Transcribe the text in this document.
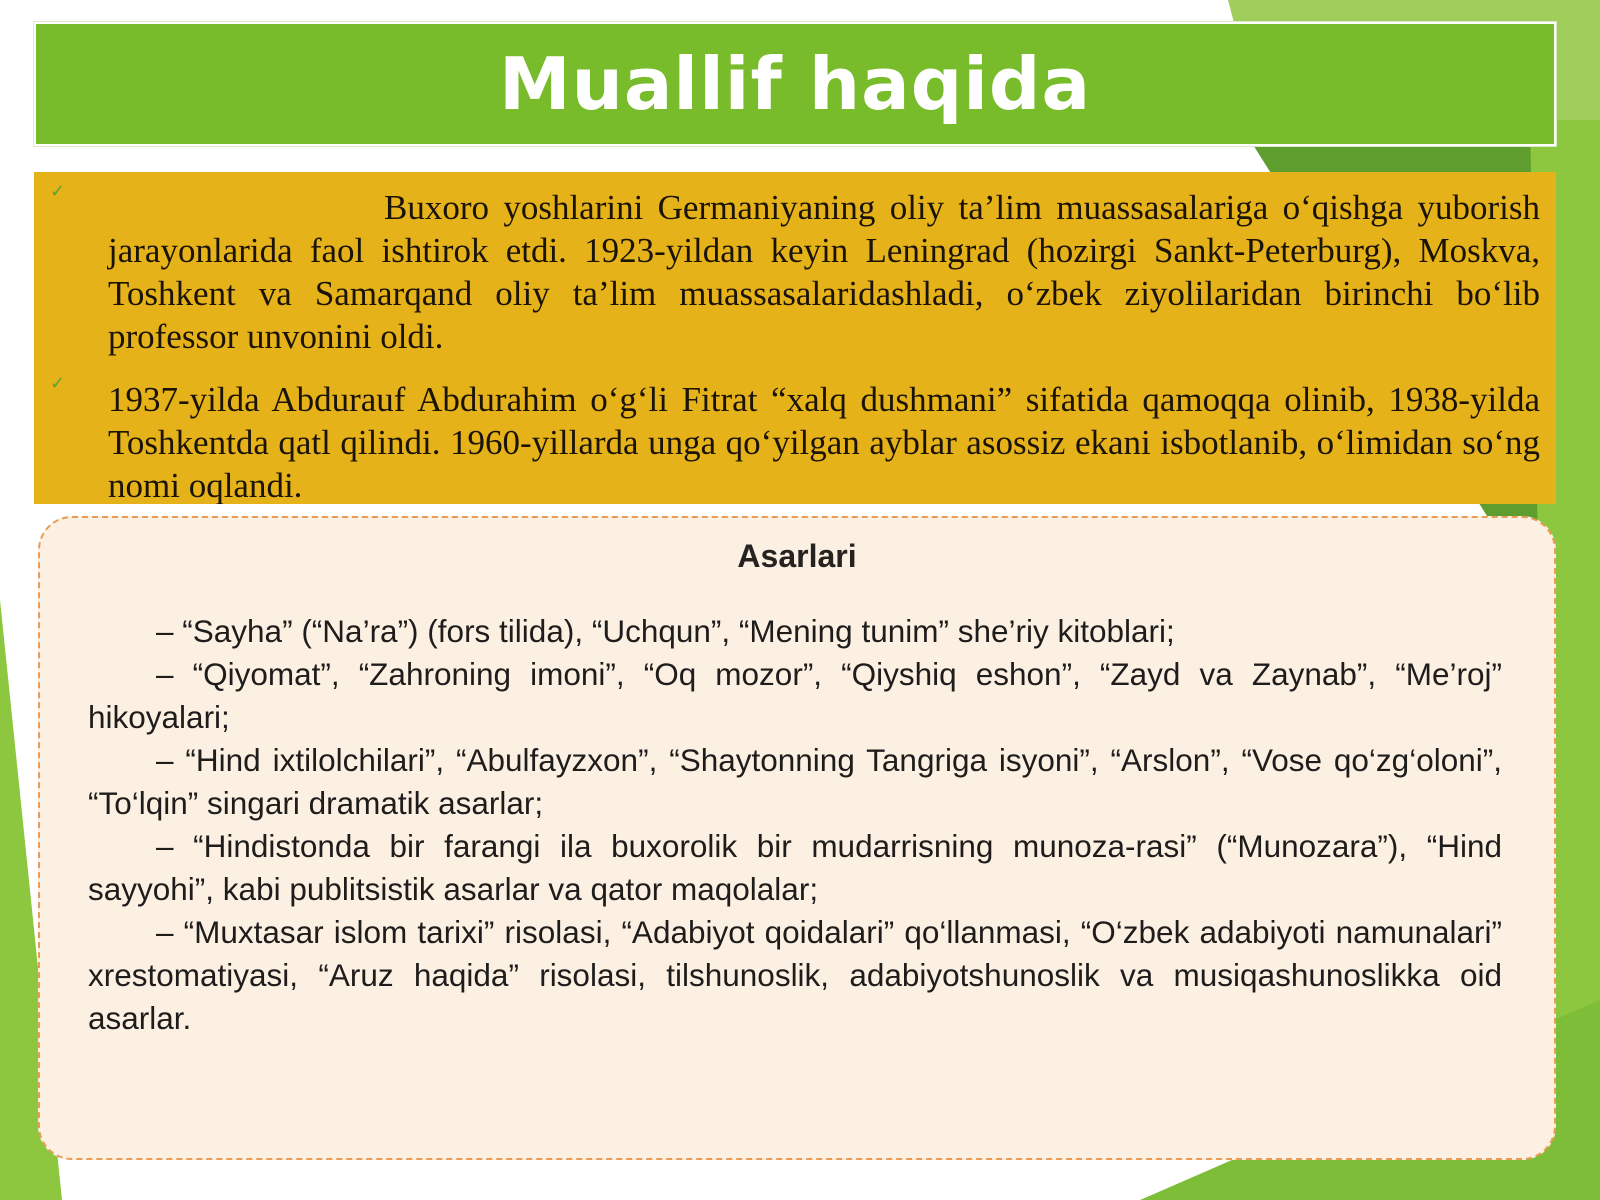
Muallif haqida
✓	Buxoro yoshlarini Germaniyaning oliy ta’lim muassasalariga o‘qishga yuborish jarayonlarida faol ishtirok etdi. 1923-yildan keyin Leningrad (hozirgi Sankt-Peterburg), Moskva, Toshkent va Samarqand oliy ta’lim muassasalaridashladi, o‘zbek ziyolilaridan birinchi bo‘lib professor unvonini oldi.

✓ 1937-yilda Abdurauf Abdurahim o‘g‘li Fitrat “xalq dushmani” sifatida qamoqqa olinib, 1938-yilda Toshkentda qatl qilindi. 1960-yillarda unga qo‘yilgan ayblar asossiz ekani isbotlanib, o‘limidan so‘ng nomi oqlandi.

Asarlari

– “Sayha” (“Na’ra”) (fors tilida), “Uchqun”, “Mening tunim” she’riy kitoblari;

– “Qiyomat”, “Zahroning imoni”, “Oq mozor”, “Qiyshiq eshon”, “Zayd va Zaynab”, “Me’roj” hikoyalari;

– “Hind ixtilolchilari”, “Abulfayzxon”, “Shaytonning Tangriga isyoni”, “Arslon”, “Vose qo‘zg‘oloni”, “To‘lqin” singari dramatik asarlar;

– “Hindistonda bir farangi ila buxorolik bir mudarrisning munoza-rasi” (“Munozara”), “Hind sayyohi”, kabi publitsistik asarlar va qator maqolalar;

– “Muxtasar islom tarixi” risolasi, “Adabiyot qoidalari” qo‘llanmasi, “O‘zbek adabiyoti namunalari” xrestomatiyasi, “Aruz haqida” risolasi, tilshunoslik, adabiyotshunoslik va musiqashunoslikka oid asarlar.
